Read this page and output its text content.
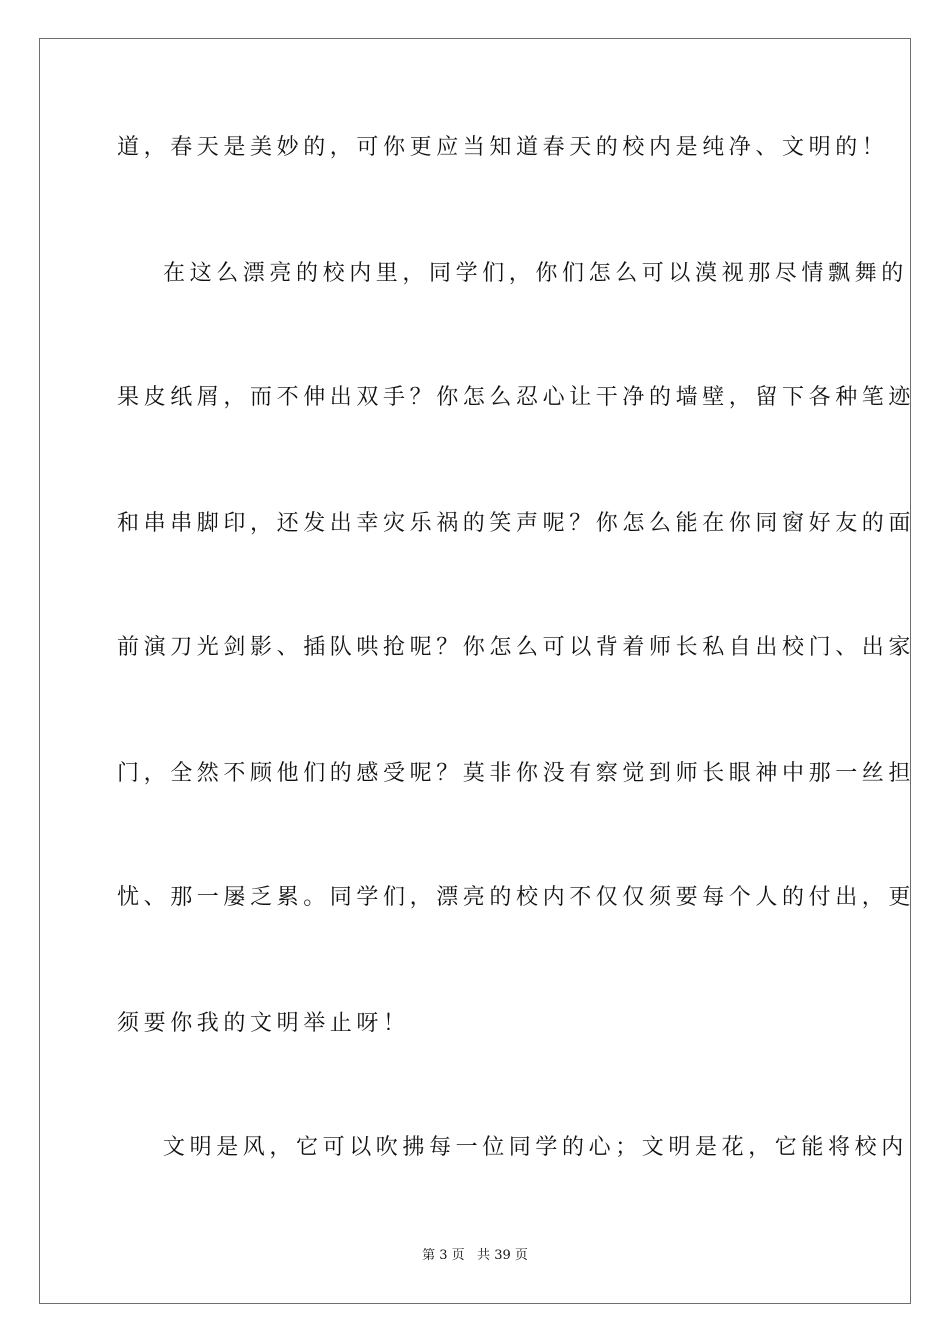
道，春天是美妙的，可你更应当知道春天的校内是纯净、文明的！
在这么漂亮的校内里，同学们，你们怎么可以漠视那尽情飘舞的
果皮纸屑，而不伸出双手？你怎么忍心让干净的墙壁，留下各种笔迹
和串串脚印，还发出幸灾乐祸的笑声呢？你怎么能在你同窗好友的面
前演刀光剑影、插队哄抢呢？你怎么可以背着师长私自出校门、出家
门，全然不顾他们的感受呢？莫非你没有察觉到师长眼神中那一丝担
忧、那一屡乏累。同学们，漂亮的校内不仅仅须要每个人的付出，更
须要你我的文明举止呀！
文明是风，它可以吹拂每一位同学的心；文明是花，它能将校内
第 3 页   共 39 页
